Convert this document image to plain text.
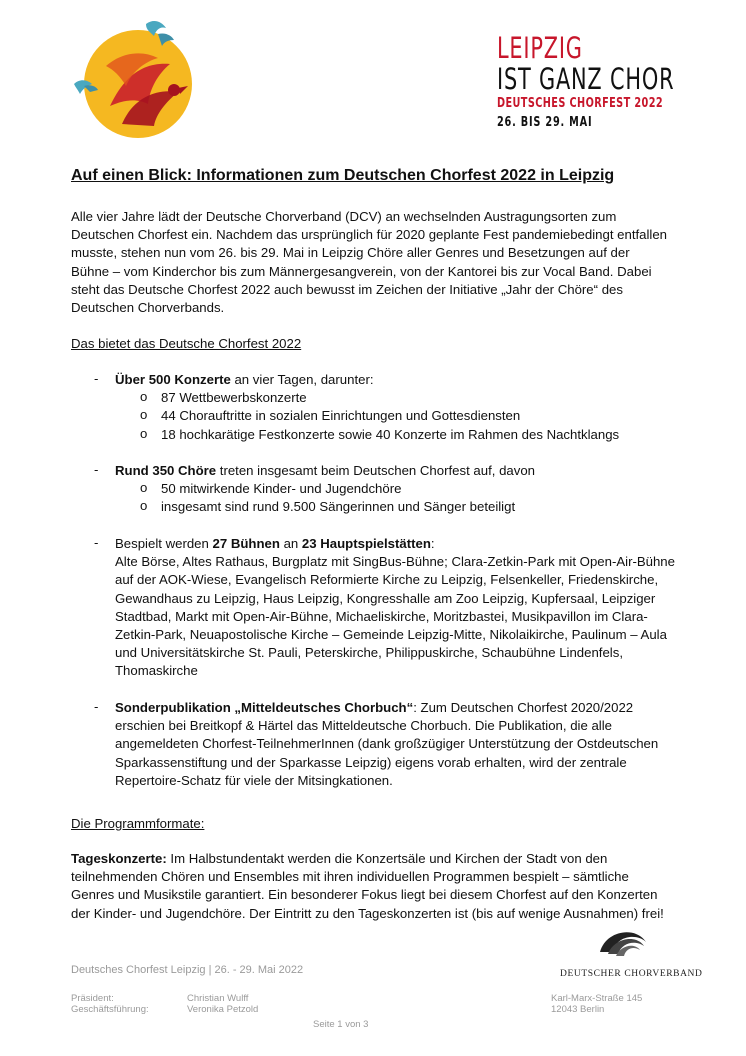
LEIPZIG
IST GANZ CHOR
DEUTSCHES CHORFEST 2022
26. BIS 29. MAI
Auf einen Blick: Informationen zum Deutschen Chorfest 2022 in Leipzig
Alle vier Jahre lädt der Deutsche Chorverband (DCV) an wechselnden Austragungsorten zum Deutschen Chorfest ein. Nachdem das ursprünglich für 2020 geplante Fest pandemiebedingt entfallen musste, stehen nun vom 26. bis 29. Mai in Leipzig Chöre aller Genres und Besetzungen auf der Bühne – vom Kinderchor bis zum Männergesangverein, von der Kantorei bis zur Vocal Band. Dabei steht das Deutsche Chorfest 2022 auch bewusst im Zeichen der Initiative „Jahr der Chöre“ des Deutschen Chorverbands.
Das bietet das Deutsche Chorfest 2022
- Über 500 Konzerte an vier Tagen, darunter:
o 87 Wettbewerbskonzerte
o 44 Chorauftritte in sozialen Einrichtungen und Gottesdiensten
o 18 hochkarätige Festkonzerte sowie 40 Konzerte im Rahmen des Nachtklangs
- Rund 350 Chöre treten insgesamt beim Deutschen Chorfest auf, davon
o 50 mitwirkende Kinder- und Jugendchöre
o insgesamt sind rund 9.500 Sängerinnen und Sänger beteiligt
- Bespielt werden 27 Bühnen an 23 Hauptspielstätten:
Alte Börse, Altes Rathaus, Burgplatz mit SingBus-Bühne; Clara-Zetkin-Park mit Open-Air-Bühne auf der AOK-Wiese, Evangelisch Reformierte Kirche zu Leipzig, Felsenkeller, Friedenskirche, Gewandhaus zu Leipzig, Haus Leipzig, Kongresshalle am Zoo Leipzig, Kupfersaal, Leipziger Stadtbad, Markt mit Open-Air-Bühne, Michaeliskirche, Moritzbastei, Musikpavillon im Clara-Zetkin-Park, Neuapostolische Kirche – Gemeinde Leipzig-Mitte, Nikolaikirche, Paulinum – Aula und Universitätskirche St. Pauli, Peterskirche, Philippuskirche, Schaubühne Lindenfels, Thomaskirche
- Sonderpublikation „Mitteldeutsches Chorbuch“: Zum Deutschen Chorfest 2020/2022 erschien bei Breitkopf & Härtel das Mitteldeutsche Chorbuch. Die Publikation, die alle angemeldeten Chorfest-TeilnehmerInnen (dank großzügiger Unterstützung der Ostdeutschen Sparkassenstiftung und der Sparkasse Leipzig) eigens vorab erhalten, wird der zentrale Repertoire-Schatz für viele der Mitsingkationen.
Die Programmformate:
Tageskonzerte: Im Halbstundentakt werden die Konzertsäle und Kirchen der Stadt von den teilnehmenden Chören und Ensembles mit ihren individuellen Programmen bespielt – sämtliche Genres und Musikstile garantiert. Ein besonderer Fokus liegt bei diesem Chorfest auf den Konzerten der Kinder- und Jugendchöre. Der Eintritt zu den Tageskonzerten ist (bis auf wenige Ausnahmen) frei!
DEUTSCHER CHORVERBAND
Deutsches Chorfest Leipzig | 26. - 29. Mai 2022
Präsident:
Geschäftsführung:
Christian Wulff
Veronika Petzold
Karl-Marx-Straße 145
12043 Berlin
Seite 1 von 3
